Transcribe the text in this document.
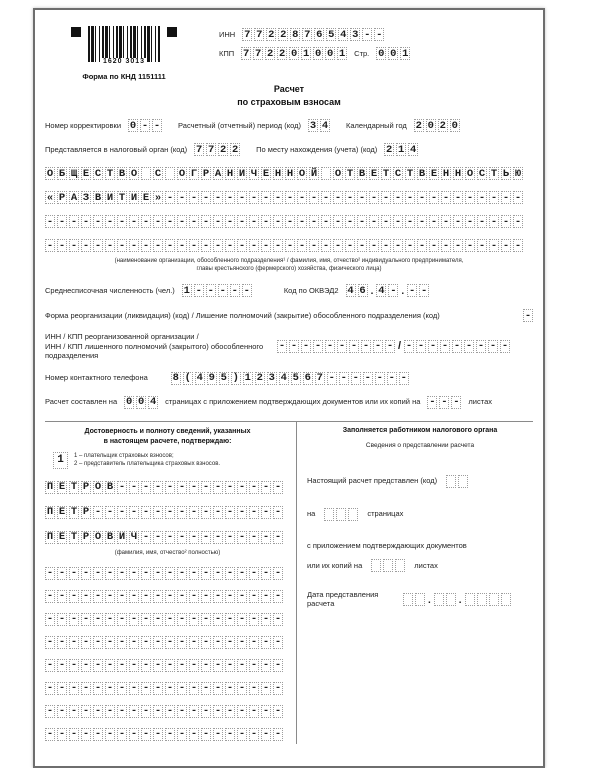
1620 3013
Форма по КНД 1151111
ИНН 7 7 2 2 8 7 6 5 4 3 - -
КПП 7 7 2 2 0 1 0 0 1 Стр. 0 0 1
Расчет
по страховым взносам
Номер корректировки 0 - - Расчетный (отчетный) период (код) 3 4 Календарный год 2 0 2 0
Представляется в налоговый орган (код) 7 7 2 2 По месту нахождения (учета) (код) 2 1 4
О Б Щ Е С Т В О С О Г Р А Н И Ч Е Н Н О Й О Т В Е Т С Т В Е Н Н О С Т Ь Ю
« Р А З В И Т И Е » - - - - - - - - - - - - - - - - - - - - - - - - - - - - - -
- - - - - - - - - - - - - - - - - - - - - - - - - - - - - - - - - - - - - - - -
- - - - - - - - - - - - - - - - - - - - - - - - - - - - - - - - - - - - - - - -
(наименование организации, обособленного подразделения¹ / фамилия, имя, отчество² индивидуального предпринимателя,
главы крестьянского (фермерского) хозяйства, физического лица)
Среднесписочная численность (чел.) 1 - - - - -	Код по ОКВЭД2 4 6 . 4 - . - -
Форма реорганизации (ликвидация) (код) / Лишение полномочий (закрытие) обособленного подразделения (код)	-
ИНН / КПП реорганизованной организации /
ИНН / КПП лишенного полномочий (закрытого) обособленного
подразделения
- - - - - - - - - - / - - - - - - - - -
Номер контактного телефона 8 ( 4 9 5 ) 1 2 3 4 5 6 7 - - - - - - -
Расчет составлен на 0 0 4 страницах с приложением подтверждающих документов или их копий на - - - листах
Достоверность и полноту сведений, указанных
в настоящем расчете, подтверждаю:
1	1 – плательщик страховых взносов;
2 – представитель плательщика страховых взносов.
П Е Т Р О В - - - - - - - - - - - - - -
П Е Т Р - - - - - - - - - - - - - - - -
П Е Т Р О В И Ч - - - - - - - - - - - -
(фамилия, имя, отчество² полностью)
- - - - - - - - - - - - - - - - - - - -
- - - - - - - - - - - - - - - - - - - -
- - - - - - - - - - - - - - - - - - - -
- - - - - - - - - - - - - - - - - - - -
- - - - - - - - - - - - - - - - - - - -
- - - - - - - - - - - - - - - - - - - -
- - - - - - - - - - - - - - - - - - - -
- - - - - - - - - - - - - - - - - - - -
Заполняется работником налогового органа
Сведения о представлении расчета
Настоящий расчет представлен (код)
на	страницах
с приложением подтверждающих документов
или их копий на	листах
Дата представления расчета	.	.
